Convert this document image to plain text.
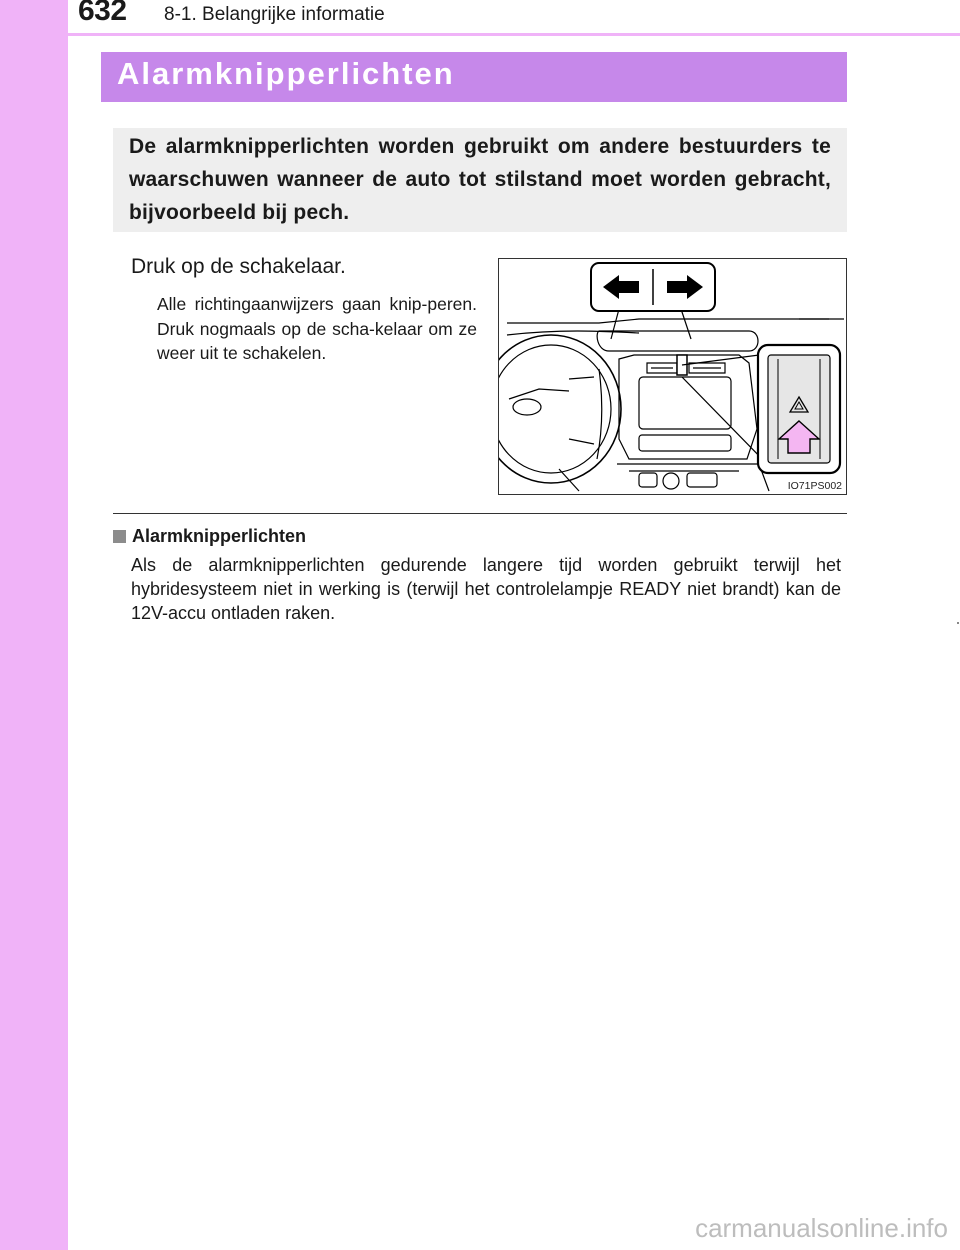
632 8-1. Belangrijke informatie
Alarmknipperlichten

De alarmknipperlichten worden gebruikt om andere bestuurders te waarschuwen wanneer de auto tot stilstand moet worden gebracht, bijvoorbeeld bij pech.

Druk op de schakelaar.

Alle richtingaanwijzers gaan knip-peren. Druk nogmaals op de scha-kelaar om ze weer uit te schakelen.

IO71PS002
Alarmknipperlichten

Als de alarmknipperlichten gedurende langere tijd worden gebruikt terwijl het hybridesysteem niet in werking is (terwijl het controlelampje READY niet brandt) kan de 12V-accu ontladen raken.

carmanualsonline.info
